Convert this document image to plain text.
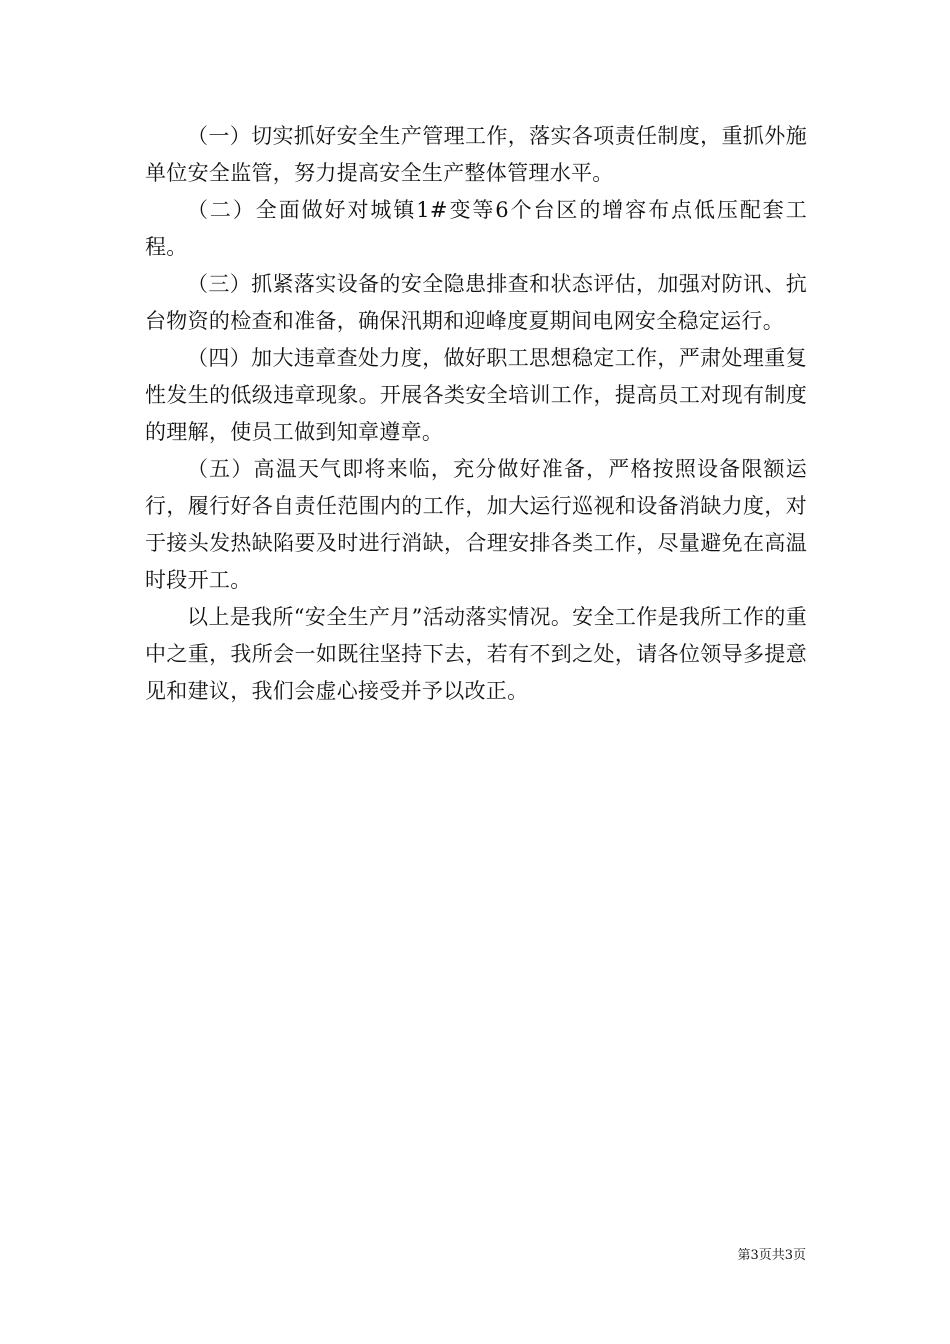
（一）切实抓好安全生产管理工作，落实各项责任制度，重抓外施单位安全监管，努力提高安全生产整体管理水平。

（二）全面做好对城镇1#变等6个台区的增容布点低压配套工程。

（三）抓紧落实设备的安全隐患排查和状态评估，加强对防讯、抗台物资的检查和准备，确保汛期和迎峰度夏期间电网安全稳定运行。

（四）加大违章查处力度，做好职工思想稳定工作，严肃处理重复性发生的低级违章现象。开展各类安全培训工作，提高员工对现有制度的理解，使员工做到知章遵章。

（五）高温天气即将来临，充分做好准备，严格按照设备限额运行，履行好各自责任范围内的工作，加大运行巡视和设备消缺力度，对于接头发热缺陷要及时进行消缺，合理安排各类工作，尽量避免在高温时段开工。

以上是我所“安全生产月”活动落实情况。安全工作是我所工作的重中之重，我所会一如既往坚持下去，若有不到之处，请各位领导多提意见和建议，我们会虚心接受并予以改正。

第3页共3页
